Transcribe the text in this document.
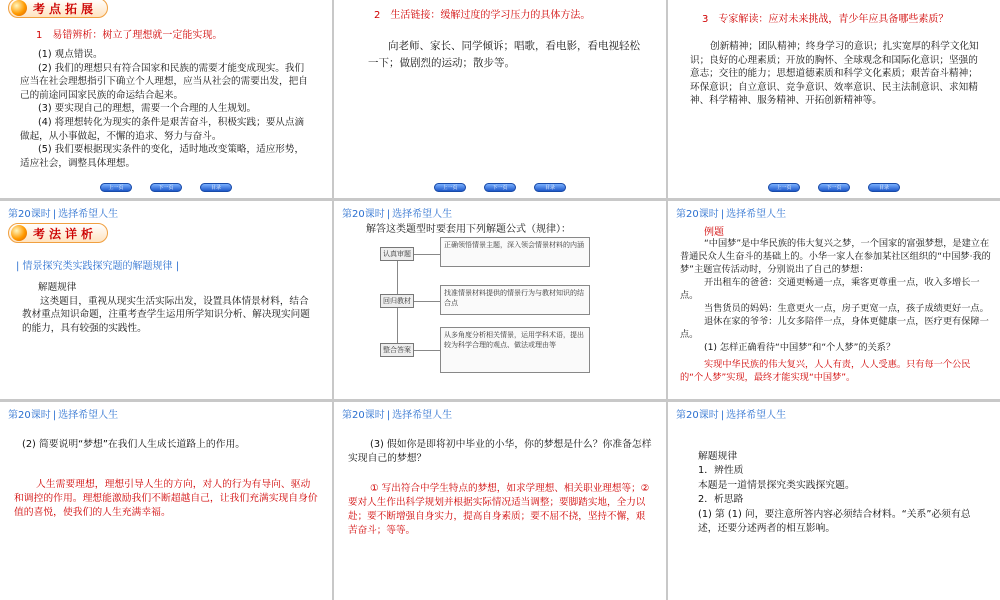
考点拓展
1　易错辨析：树立了理想就一定能实现。

(1) 观点错误。

(2) 我们的理想只有符合国家和民族的需要才能变成现实。我们应当在社会理想指引下确立个人理想，应当从社会的需要出发，把自己的前途同国家民族的命运结合起来。

(3) 要实现自己的理想，需要一个合理的人生规划。

(4) 将理想转化为现实的条件是艰苦奋斗，积极实践；要从点滴做起，从小事做起，不懈的追求、努力与奋斗。

(5) 我们要根据现实条件的变化，适时地改变策略，适应形势，适应社会，调整具体理想。

上一页	下一页	目录
2　生活链接：缓解过度的学习压力的具体方法。
向老师、家长、同学倾诉；唱歌，看电影，看电视轻松一下；做剧烈的运动；散步等。
上一页	下一页	目录
3　专家解读：应对未来挑战，青少年应具备哪些素质？
创新精神；团队精神；终身学习的意识；扎实宽厚的科学文化知识；良好的心理素质；开放的胸怀、全球观念和国际化意识；坚强的意志；交往的能力；思想道德素质和科学文化素质；艰苦奋斗精神；环保意识；自立意识、竞争意识、效率意识、民主法制意识、求知精神、科学精神、服务精神、开拓创新精神等。
上一页	下一页	目录
第20课时 | 选择希望人生
考法详析
| 情景探究类实践探究题的解题规律 |

解题规律

这类题目，重视从现实生活实际出发，设置具体情景材料，结合教材重点知识命题，注重考查学生运用所学知识分析、解决现实问题的能力，具有较强的实践性。

第20课时 | 选择希望人生
解答这类题型时要套用下列解题公式（规律）：
认真审题
回归教材
整合答案
正确领悟情景主题，深入领会情景材料的内涵
找准情景材料提供的情景行为与教材知识的结合点
从多角度分析相关情景，运用学科术语，提出较为科学合理的观点、做法或理由等
第20课时 | 选择希望人生
例题

“中国梦”是中华民族的伟大复兴之梦，一个国家的富强梦想，是建立在普通民众人生奋斗的基础上的。小华一家人在参加某社区组织的“中国梦·我的梦”主题宣传活动时，分别说出了自己的梦想：

开出租车的爸爸：交通更畅通一点，乘客更尊重一点，收入多增长一点。

当售货员的妈妈：生意更火一点，房子更宽一点，孩子成绩更好一点。

退休在家的爷爷：儿女多陪伴一点，身体更健康一点，医疗更有保障一点。

(1) 怎样正确看待“中国梦”和“个人梦”的关系？

实现中华民族的伟大复兴，人人有责，人人受惠。只有每一个公民的“个人梦”实现，最终才能实现“中国梦”。

第20课时 | 选择希望人生
(2) 简要说明“梦想”在我们人生成长道路上的作用。
人生需要理想，理想引导人生的方向，对人的行为有导向、驱动和调控的作用。理想能激励我们不断超越自己，让我们充满实现自身价值的喜悦，使我们的人生充满幸福。
第20课时 | 选择希望人生
(3) 假如你是即将初中毕业的小华，你的梦想是什么？你准备怎样实现自己的梦想？
① 写出符合中学生特点的梦想，如求学理想、相关职业理想等；② 要对人生作出科学规划并根据实际情况适当调整；要脚踏实地，全力以赴；要不断增强自身实力，提高自身素质；要不屈不挠，坚持不懈，艰苦奋斗；等等。
第20课时 | 选择希望人生

解题规律

1．辨性质

本题是一道情景探究类实践探究题。

2．析思路

(1) 第 (1) 问，要注意所答内容必须结合材料。“关系”必须有总述，还要分述两者的相互影响。
